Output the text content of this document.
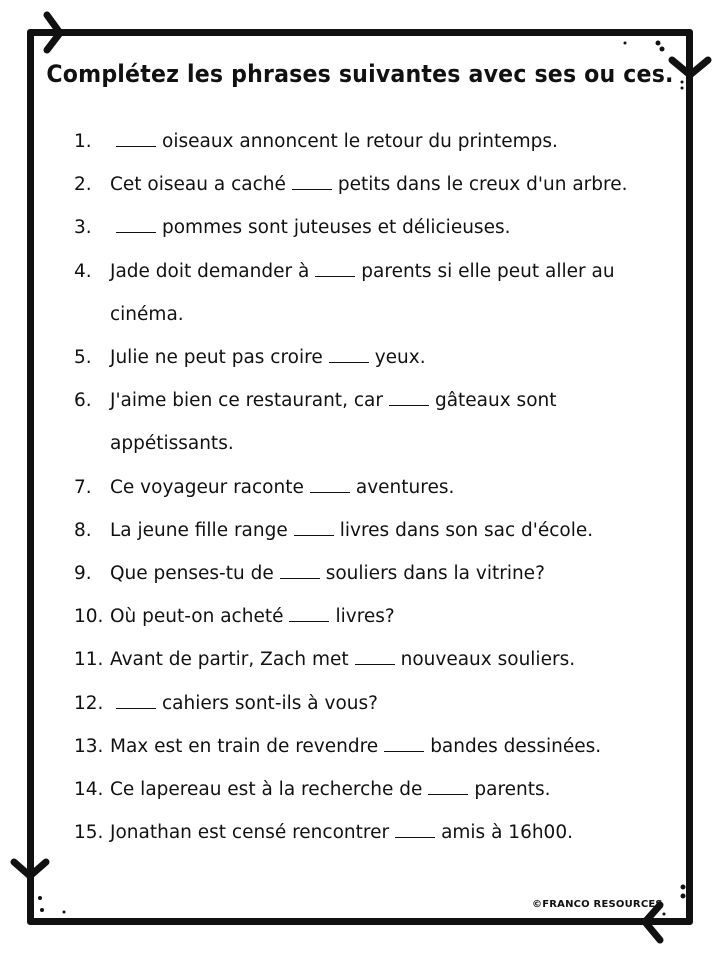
Complétez les phrases suivantes avec ses ou ces.
1.	oiseaux annoncent le retour du printemps.
2. Cet oiseau a caché	petits dans le creux d'un arbre.
3.	pommes sont juteuses et délicieuses.
4. Jade doit demander à	parents si elle peut aller au cinéma.
5. Julie ne peut pas croire	yeux.
6. J'aime bien ce restaurant, car	gâteaux sont appétissants.
7. Ce voyageur raconte	aventures.
8. La jeune fille range	livres dans son sac d'école.
9. Que penses-tu de	souliers dans la vitrine?
10. Où peut-on acheté	livres?
11. Avant de partir, Zach met	nouveaux souliers.
12.	cahiers sont-ils à vous?
13. Max est en train de revendre	bandes dessinées.
14. Ce lapereau est à la recherche de	parents.
15. Jonathan est censé rencontrer	amis à 16h00.
©FRANCO RESOURCES
